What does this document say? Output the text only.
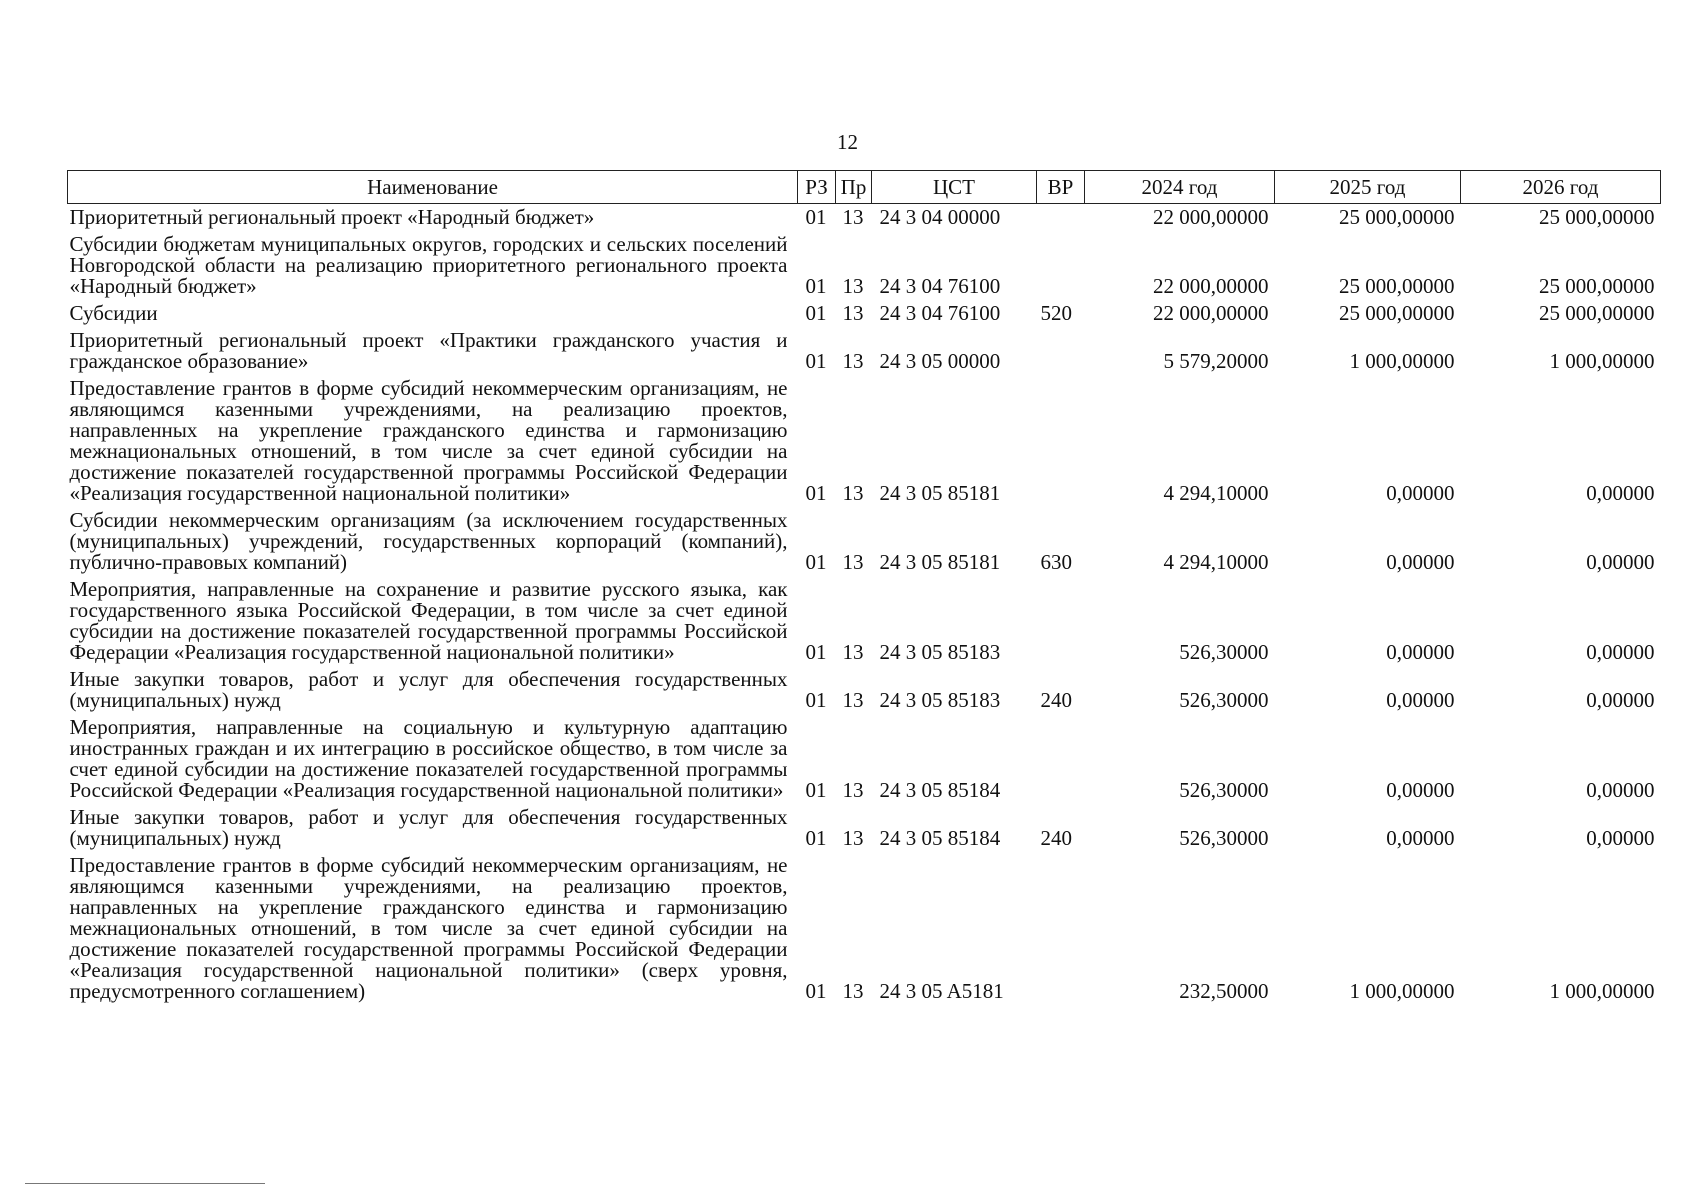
12
Наименование	РЗ	Пр	ЦСТ	ВР	2024 год	2025 год	2026 год
Приоритетный региональный проект «Народный бюджет»	01	13	24 3 04 00000		22 000,00000	25 000,00000	25 000,00000
Субсидии бюджетам муниципальных округов, городских и сельских поселений Новгородской области на реализацию приоритетного регионального проекта «Народный бюджет»	01	13	24 3 04 76100		22 000,00000	25 000,00000	25 000,00000
Субсидии	01	13	24 3 04 76100	520	22 000,00000	25 000,00000	25 000,00000
Приоритетный региональный проект «Практики гражданского участия и гражданское образование»	01	13	24 3 05 00000		5 579,20000	1 000,00000	1 000,00000
Предоставление грантов в форме субсидий некоммерческим организациям, не являющимся казенными учреждениями, на реализацию проектов, направленных на укрепление гражданского единства и гармонизацию межнациональных отношений, в том числе за счет единой субсидии на достижение показателей государственной программы Российской Федерации «Реализация государственной национальной политики»	01	13	24 3 05 85181		4 294,10000	0,00000	0,00000
Субсидии некоммерческим организациям (за исключением государственных (муниципальных) учреждений, государственных корпораций (компаний), публично-правовых компаний)	01	13	24 3 05 85181	630	4 294,10000	0,00000	0,00000
Мероприятия, направленные на сохранение и развитие русского языка, как государственного языка Российской Федерации, в том числе за счет единой субсидии на достижение показателей государственной программы Российской Федерации «Реализация государственной национальной политики»	01	13	24 3 05 85183		526,30000	0,00000	0,00000
Иные закупки товаров, работ и услуг для обеспечения государственных (муниципальных) нужд	01	13	24 3 05 85183	240	526,30000	0,00000	0,00000
Мероприятия, направленные на социальную и культурную адаптацию иностранных граждан и их интеграцию в российское общество, в том числе за счет единой субсидии на достижение показателей государственной программы Российской Федерации «Реализация государственной национальной политики»	01	13	24 3 05 85184		526,30000	0,00000	0,00000
Иные закупки товаров, работ и услуг для обеспечения государственных (муниципальных) нужд	01	13	24 3 05 85184	240	526,30000	0,00000	0,00000
Предоставление грантов в форме субсидий некоммерческим организациям, не являющимся казенными учреждениями, на реализацию проектов, направленных на укрепление гражданского единства и гармонизацию межнациональных отношений, в том числе за счет единой субсидии на достижение показателей государственной программы Российской Федерации «Реализация государственной национальной политики» (сверх уровня, предусмотренного соглашением)	01	13	24 3 05 A5181		232,50000	1 000,00000	1 000,00000
